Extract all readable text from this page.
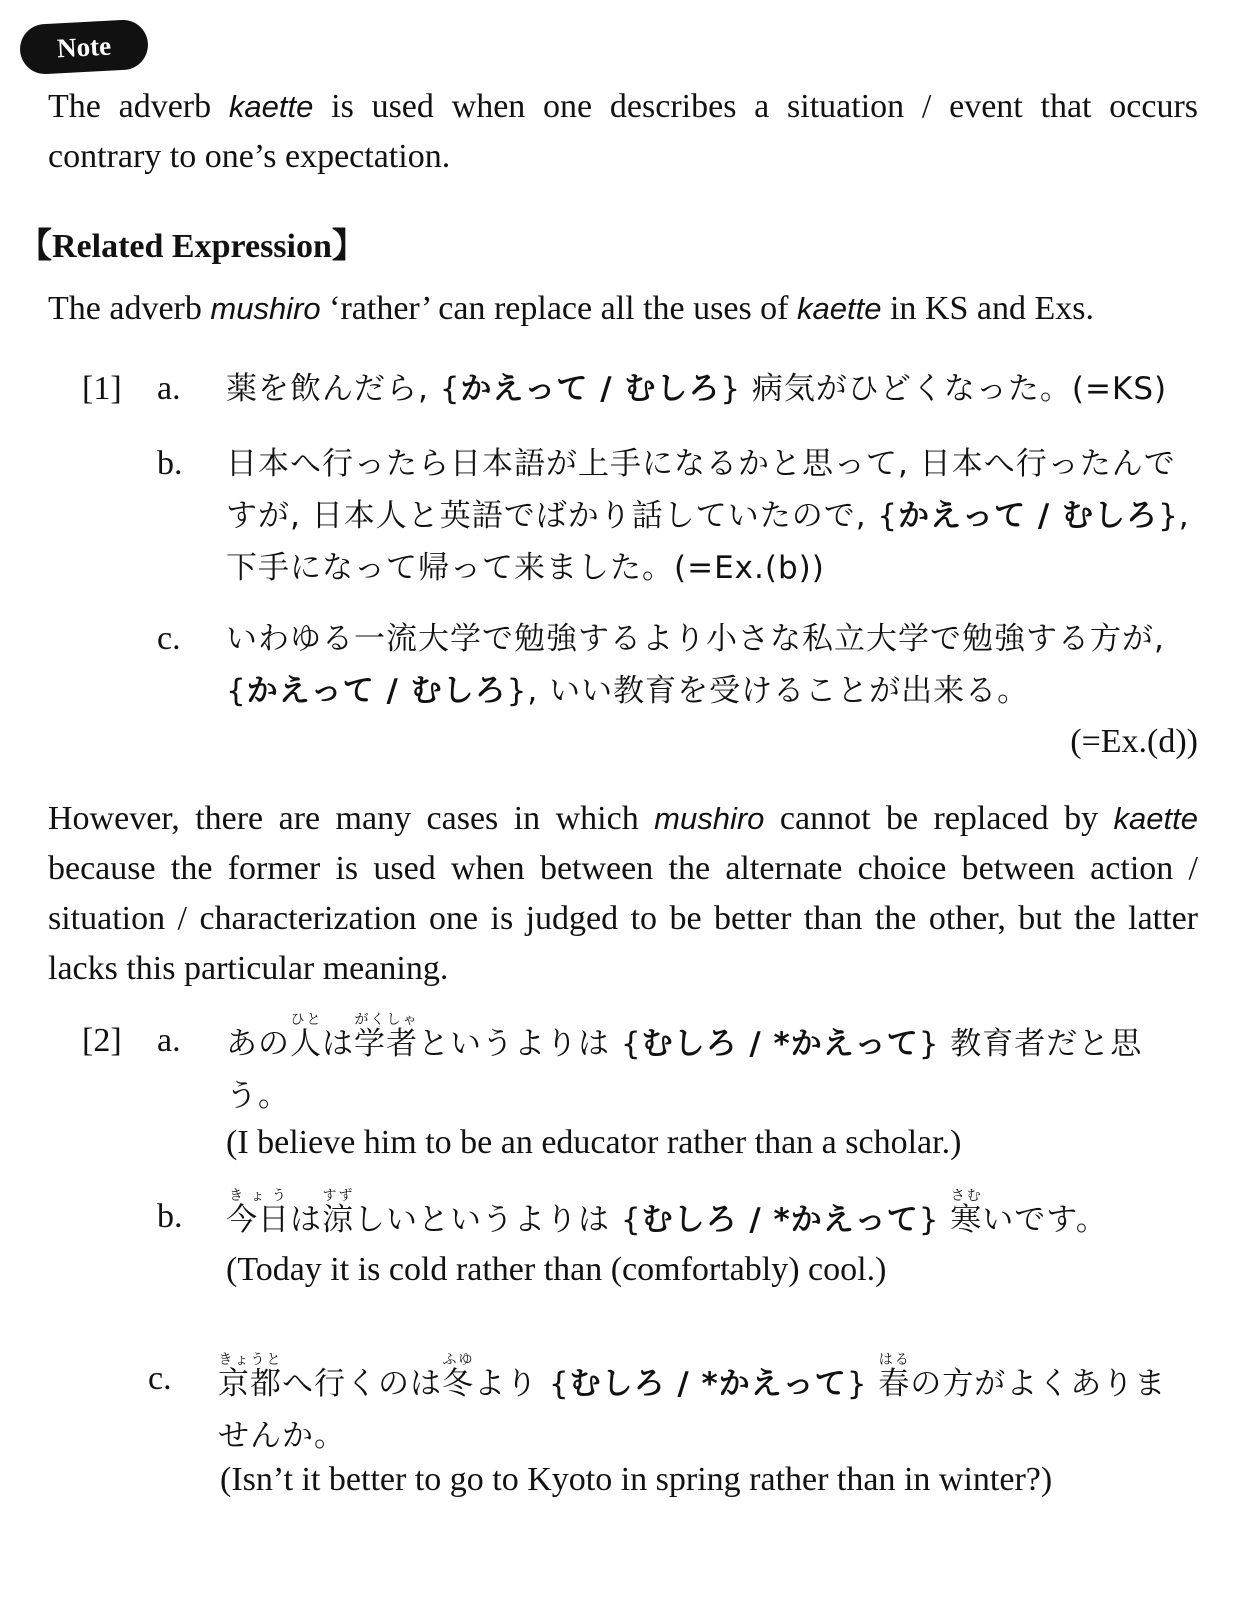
Note
The adverb kaette is used when one describes a situation / event that occurs contrary to one’s expectation.
【Related Expression】
The adverb mushiro ‘rather’ can replace all the uses of kaette in KS and Exs.
[1] a. 薬を飲んだら, {かえって / むしろ} 病気がひどくなった。(=KS)
b. 日本へ行ったら日本語が上手になるかと思って, 日本へ行ったんですが, 日本人と英語でばかり話していたので, {かえって / むしろ}, 下手になって帰って来ました。(=Ex.(b))
c. いわゆる一流大学で勉強するより小さな私立大学で勉強する方が, {かえって / むしろ}, いい教育を受けることが出来る。
(=Ex.(d))
However, there are many cases in which mushiro cannot be replaced by kaette because the former is used when between the alternate choice between action / situation / characterization one is judged to be better than the other, but the latter lacks this particular meaning.
[2] a. あの人ひとは学者がくしゃというよりは {むしろ / *かえって} 教育者だと思う。
(I believe him to be an educator rather than a scholar.)
b. 今日きょうは涼すずしいというよりは {むしろ / *かえって} 寒さむいです。
(Today it is cold rather than (comfortably) cool.)
c. 京都きょうとへ行くのは冬ふゆより {むしろ / *かえって} 春はるの方がよくありませんか。
(Isn’t it better to go to Kyoto in spring rather than in winter?)
